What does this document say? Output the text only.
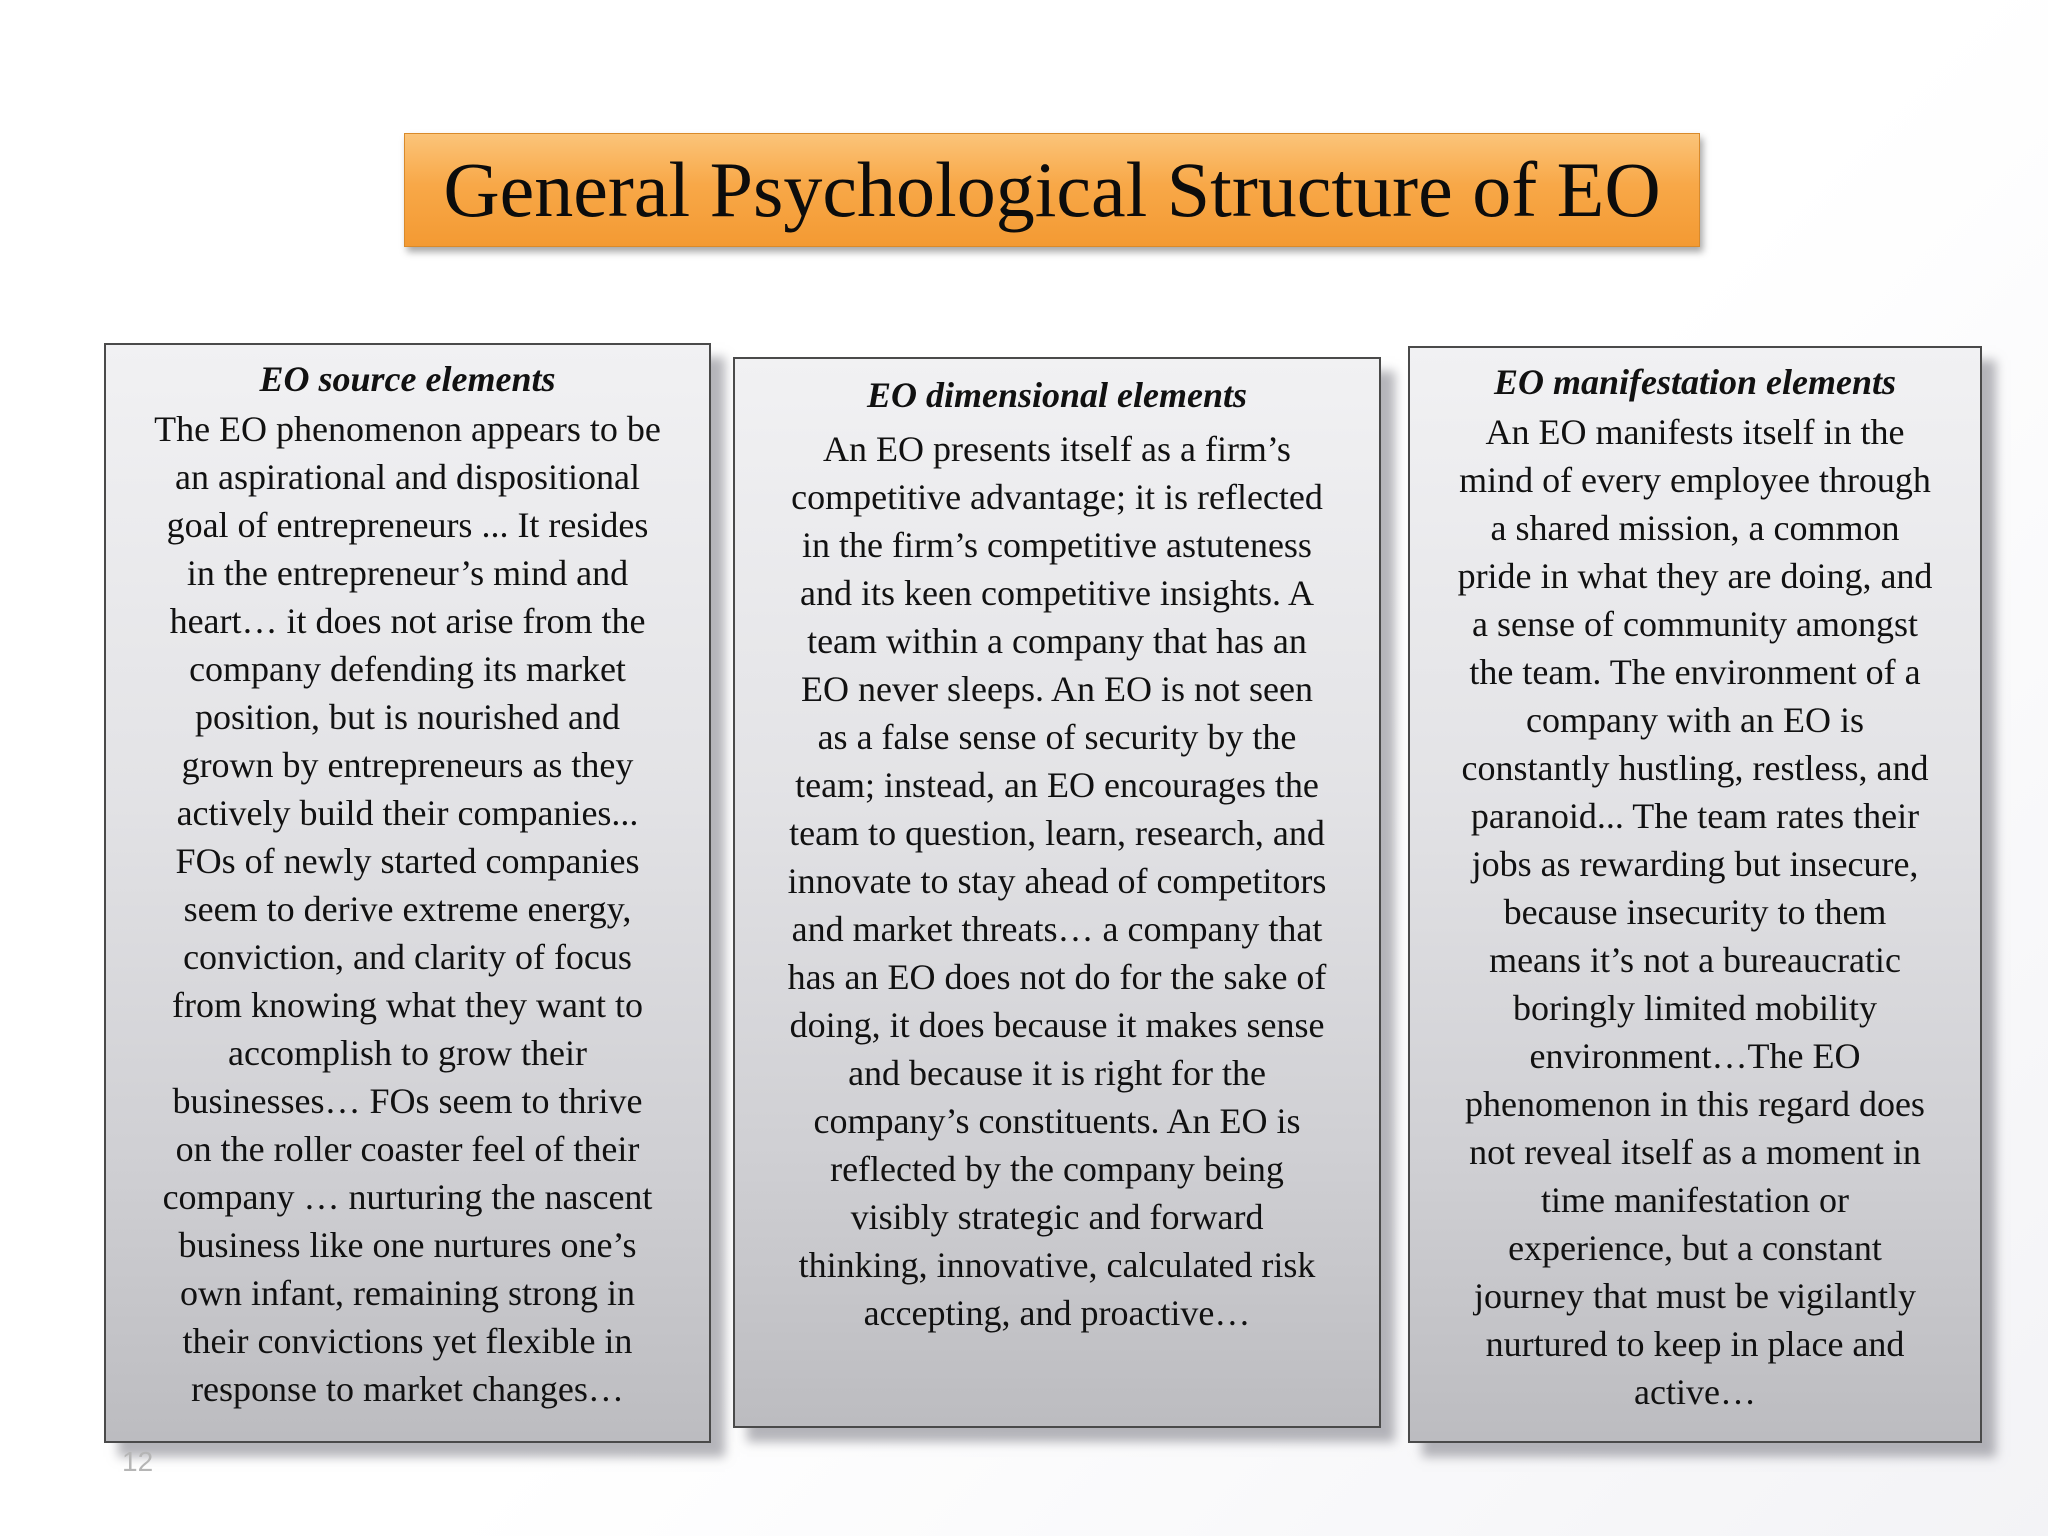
General Psychological Structure of EO
EO source elements

The EO phenomenon appears to be
an aspirational and dispositional
goal of entrepreneurs ... It resides
in the entrepreneur’s mind and
heart… it does not arise from the
company defending its market
position, but is nourished and
grown by entrepreneurs as they
actively build their companies...
FOs of newly started companies
seem to derive extreme energy,
conviction, and clarity of focus
from knowing what they want to
accomplish to grow their
businesses… FOs seem to thrive
on the roller coaster feel of their
company … nurturing the nascent
business like one nurtures one’s
own infant, remaining strong in
their convictions yet flexible in
response to market changes…

EO dimensional elements

An EO presents itself as a firm’s
competitive advantage; it is reflected
in the firm’s competitive astuteness
and its keen competitive insights. A
team within a company that has an
EO never sleeps. An EO is not seen
as a false sense of security by the
team; instead, an EO encourages the
team to question, learn, research, and
innovate to stay ahead of competitors
and market threats… a company that
has an EO does not do for the sake of
doing, it does because it makes sense
and because it is right for the
company’s constituents. An EO is
reflected by the company being
visibly strategic and forward
thinking, innovative, calculated risk
accepting, and proactive…

EO manifestation elements

An EO manifests itself in the
mind of every employee through
a shared mission, a common
pride in what they are doing, and
a sense of community amongst
the team. The environment of a
company with an EO is
constantly hustling, restless, and
paranoid... The team rates their
jobs as rewarding but insecure,
because insecurity to them
means it’s not a bureaucratic
boringly limited mobility
environment…The EO
phenomenon in this regard does
not reveal itself as a moment in
time manifestation or
experience, but a constant
journey that must be vigilantly
nurtured to keep in place and
active…

12
